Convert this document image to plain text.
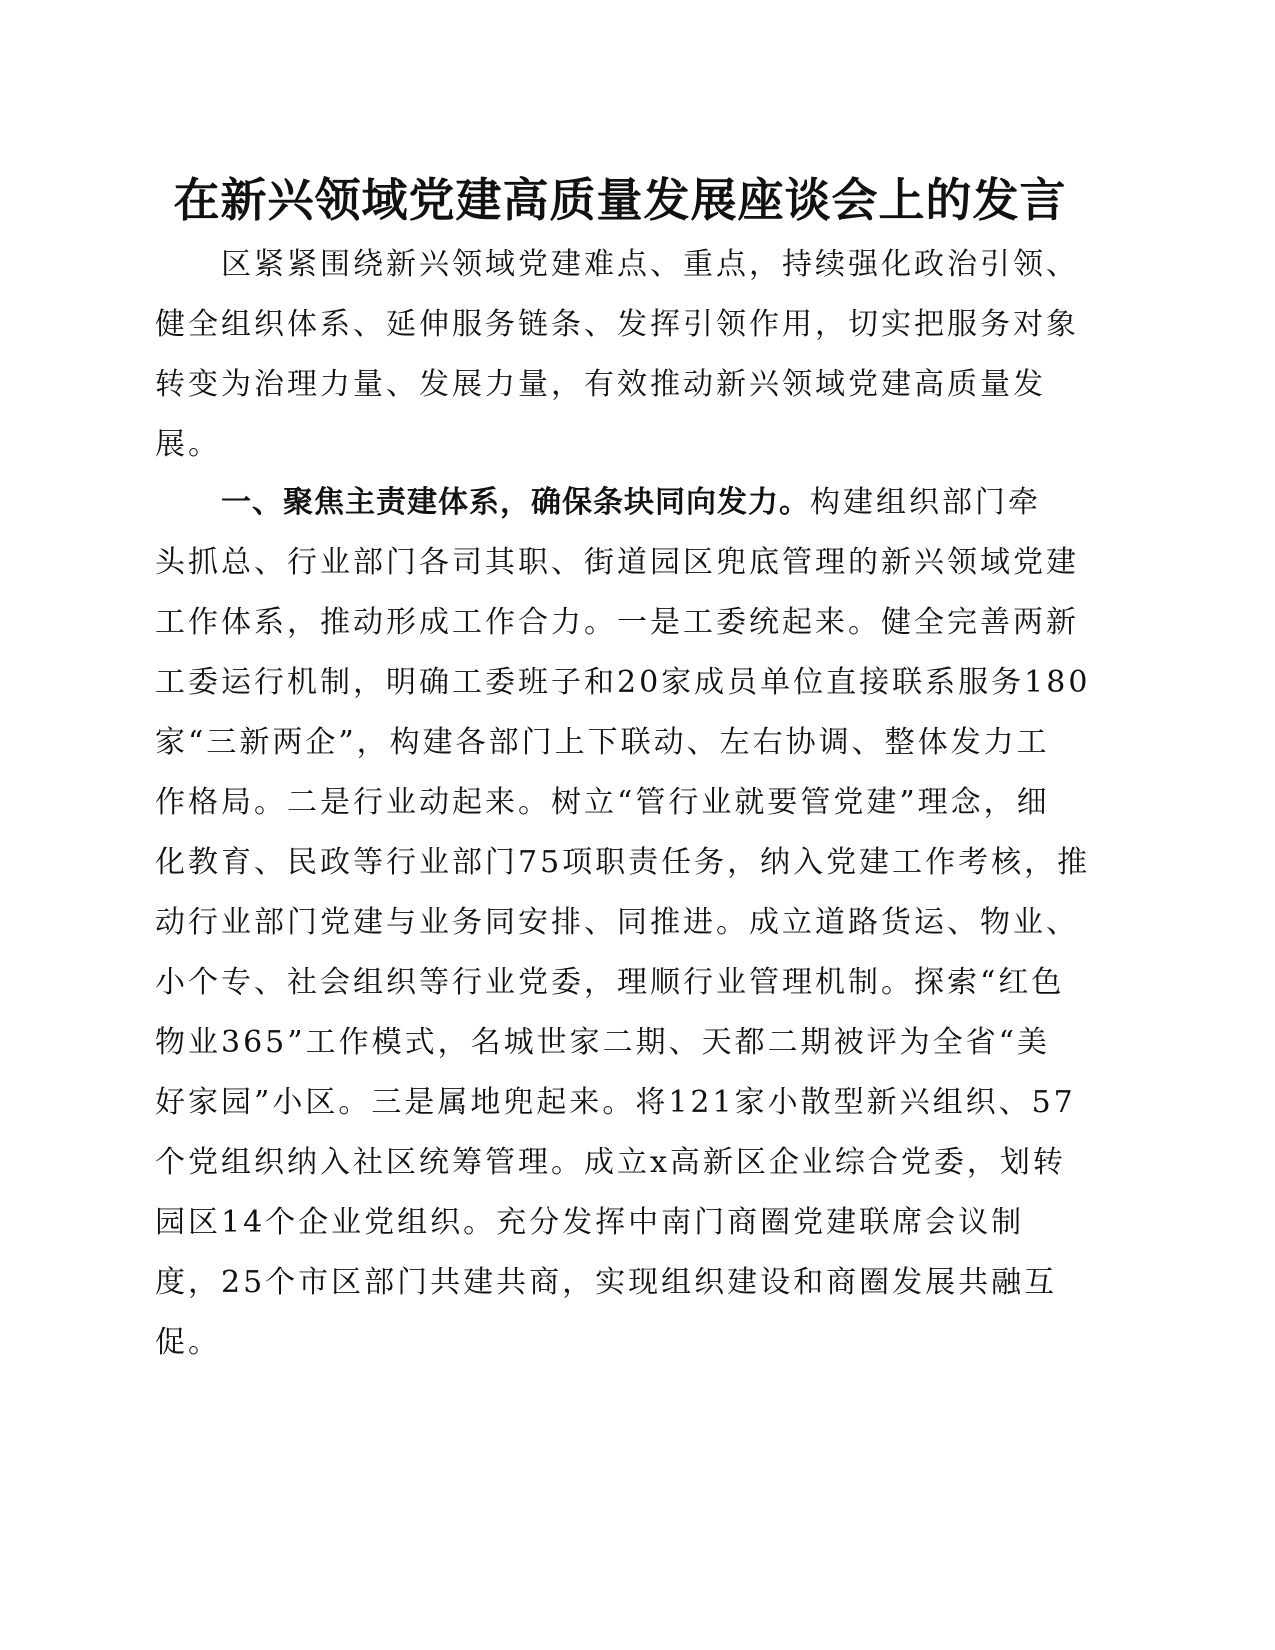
在新兴领域党建高质量发展座谈会上的发言
区紧紧围绕新兴领域党建难点、重点，持续强化政治引领、
健全组织体系、延伸服务链条、发挥引领作用，切实把服务对象
转变为治理力量、发展力量，有效推动新兴领域党建高质量发
展。
一、聚焦主责建体系，确保条块同向发力。构建组织部门牵
头抓总、行业部门各司其职、街道园区兜底管理的新兴领域党建
工作体系，推动形成工作合力。一是工委统起来。健全完善两新
工委运行机制，明确工委班子和20家成员单位直接联系服务180
家“三新两企”，构建各部门上下联动、左右协调、整体发力工
作格局。二是行业动起来。树立“管行业就要管党建”理念，细
化教育、民政等行业部门75项职责任务，纳入党建工作考核，推
动行业部门党建与业务同安排、同推进。成立道路货运、物业、
小个专、社会组织等行业党委，理顺行业管理机制。探索“红色
物业365”工作模式，名城世家二期、天都二期被评为全省“美
好家园”小区。三是属地兜起来。将121家小散型新兴组织、57
个党组织纳入社区统筹管理。成立x高新区企业综合党委，划转
园区14个企业党组织。充分发挥中南门商圈党建联席会议制
度，25个市区部门共建共商，实现组织建设和商圈发展共融互
促。
